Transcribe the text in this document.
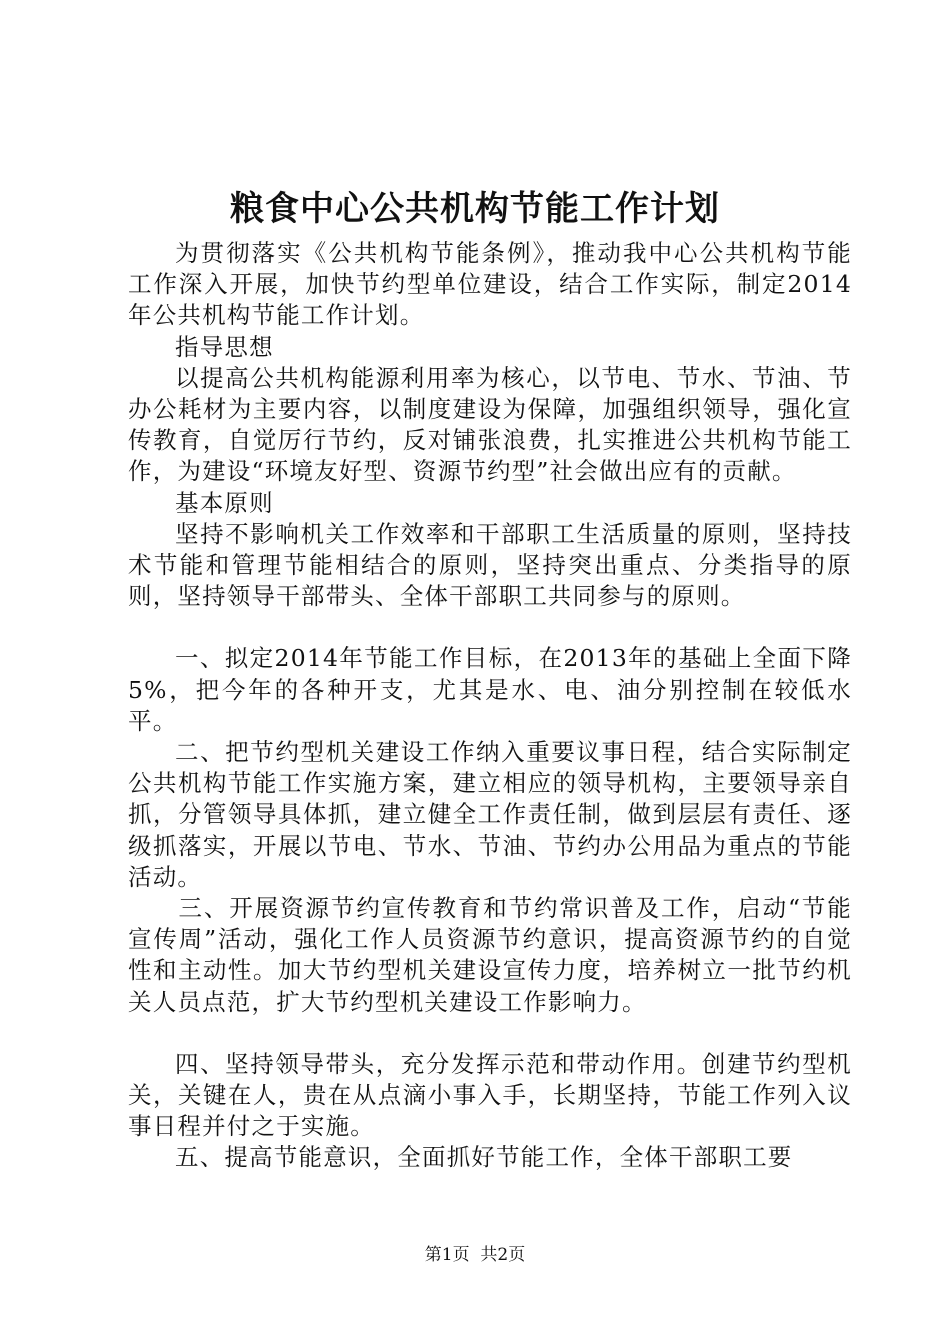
粮食中心公共机构节能工作计划

为贯彻落实《公共机构节能条例》，推动我中心公共机构节能工作深入开展，加快节约型单位建设，结合工作实际，制定2014年公共机构节能工作计划。

指导思想

以提高公共机构能源利用率为核心，以节电、节水、节油、节办公耗材为主要内容，以制度建设为保障，加强组织领导，强化宣传教育，自觉厉行节约，反对铺张浪费，扎实推进公共机构节能工作，为建设“环境友好型、资源节约型”社会做出应有的贡献。

基本原则

坚持不影响机关工作效率和干部职工生活质量的原则，坚持技术节能和管理节能相结合的原则，坚持突出重点、分类指导的原则，坚持领导干部带头、全体干部职工共同参与的原则。

一、拟定2014年节能工作目标，在2013年的基础上全面下降5%，把今年的各种开支，尤其是水、电、油分别控制在较低水平。

二、把节约型机关建设工作纳入重要议事日程，结合实际制定公共机构节能工作实施方案，建立相应的领导机构，主要领导亲自抓，分管领导具体抓，建立健全工作责任制，做到层层有责任、逐级抓落实，开展以节电、节水、节油、节约办公用品为重点的节能活动。

三、开展资源节约宣传教育和节约常识普及工作，启动“节能宣传周”活动，强化工作人员资源节约意识，提高资源节约的自觉性和主动性。加大节约型机关建设宣传力度，培养树立一批节约机关人员点范，扩大节约型机关建设工作影响力。

四、坚持领导带头，充分发挥示范和带动作用。创建节约型机关，关键在人，贵在从点滴小事入手，长期坚持，节能工作列入议事日程并付之于实施。

五、提高节能意识，全面抓好节能工作，全体干部职工要

第1页 共2页
